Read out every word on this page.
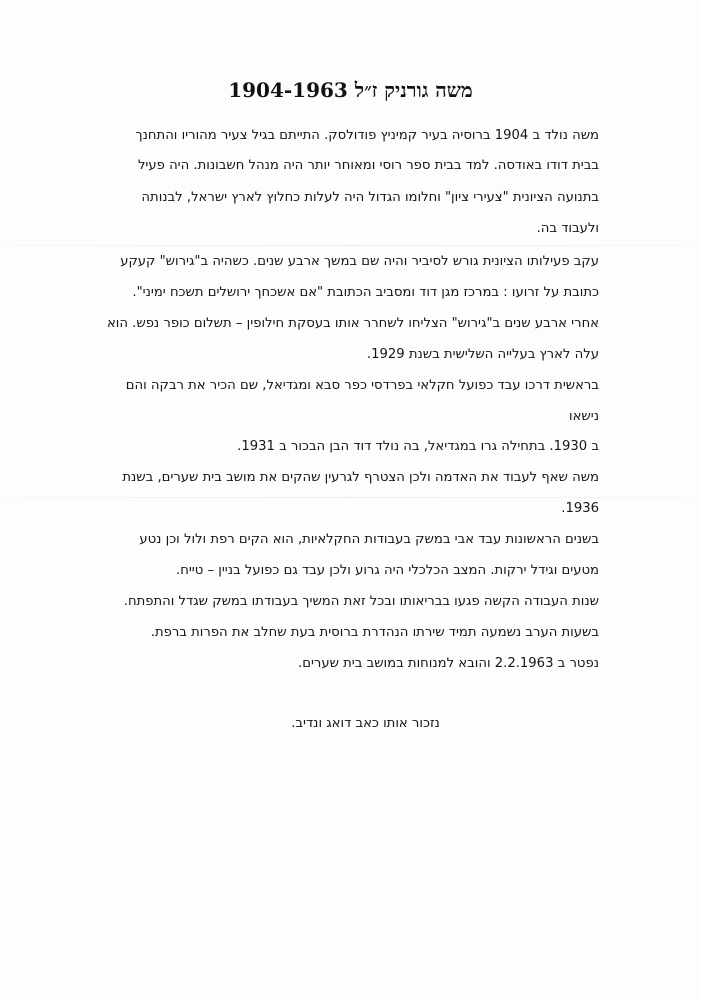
משה גורניק ז״ל 1904-1963
משה נולד ב 1904 ברוסיה בעיר קמיניץ פודולסק. התייתם בגיל צעיר מהוריו והתחנך
בבית דודו באודסה. למד בבית ספר רוסי ומאוחר יותר היה מנהל חשבונות. היה פעיל
בתנועה הציונית "צעירי ציון" וחלומו הגדול היה לעלות כחלוץ לארץ ישראל, לבנותה
ולעבוד בה.
עקב פעילותו הציונית גורש לסיביר והיה שם במשך ארבע שנים. כשהיה ב"גירוש" קעקע
כתובת על זרועו : במרכז מגן דוד ומסביב הכתובת "אם אשכחך ירושלים תשכח ימיני".
אחרי ארבע שנים ב"גירוש" הצליחו לשחרר אותו בעסקת חילופין – תשלום כופר נפש. הוא
עלה לארץ בעלייה השלישית בשנת 1929.
בראשית דרכו עבד כפועל חקלאי בפרדסי כפר סבא ומגדיאל, שם הכיר את רבקה והם
נישאו
ב 1930. בתחילה גרו במגדיאל, בה נולד דוד הבן הבכור ב 1931.
משה שאף לעבוד את האדמה ולכן הצטרף לגרעין שהקים את מושב בית שערים, בשנת
1936.
בשנים הראשונות עבד אבי במשק בעבודות החקלאיות, הוא הקים רפת ולול וכן נטע
מטעים וגידל ירקות. המצב הכלכלי היה גרוע ולכן עבד גם כפועל בניין – טייח.
שנות העבודה הקשה פגעו בבריאותו ובכל זאת המשיך בעבודתו במשק שגדל והתפתח.
בשעות הערב נשמעה תמיד שירתו הנהדרת ברוסית בעת שחלב את הפרות ברפת.
נפטר ב 2.2.1963 והובא למנוחות במושב בית שערים.
נזכור אותו כאב דואג ונדיב.
